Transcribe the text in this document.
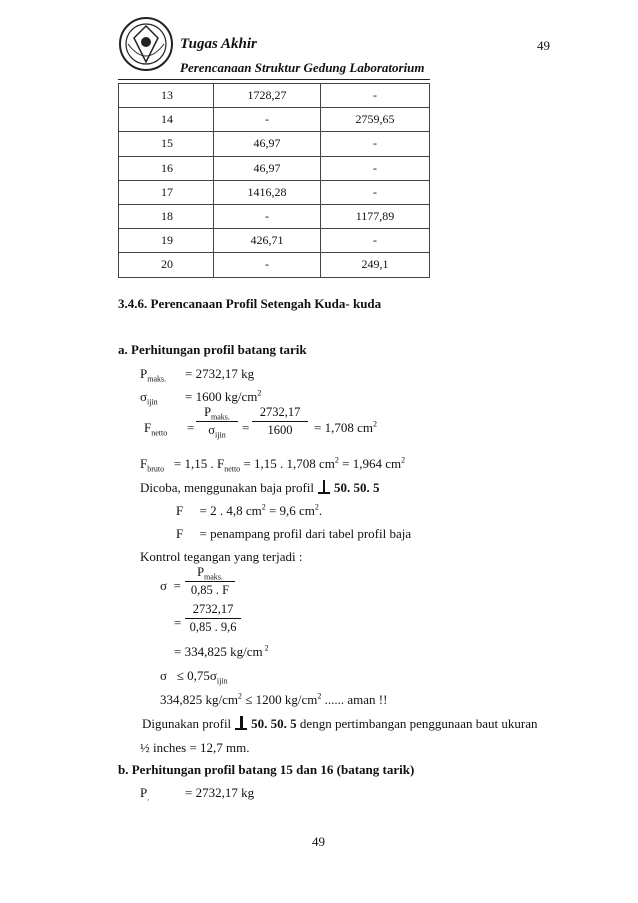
Tugas Akhir
Perencanaan Struktur Gedung Laboratorium
49
13	1728,27	-
14	-	2759,65
15	46,97	-
16	46,97	-
17	1416,28	-
18	-	1177,89
19	426,71	-
20	-	249,1
3.4.6. Perencanaan Profil Setengah Kuda- kuda
a. Perhitungan profil batang tarik
$P_{maks.} = 2732,17$ kg
$\sigma_{ijin} = 1600$ $kg/cm^2$
$F_{netto}$ =
$P_{maks.}$
$\sigma_{ijin}$	= $\frac{2732,17}{1600} = 1,708$ $cm^2$
$F_{bruto} = 1,15$ . $F_{netto} = 1,15$ . 1,708 $cm^2 = 1,964$ $cm^2$
Dicoba, menggunakan baja profil 50. 50. 5
F     = 2 . 4,8 $cm^2 = 9,6$ $cm^2$.
F     = penampang profil dari tabel profil baja
Kontrol tegangan yang terjadi :
σ  =
$P_{maks.}$
0,85 . F
= $\frac{2732,17}{0,85 . 9,6}$
= 334,825 kg/cm $^2$
$\sigma \le 0,75\sigma_{ijin}$
334,825 $kg/cm^2 \le 1200$ $kg/cm^2$ ...... aman !!
Digunakan profil 50. 50. 5 dengn pertimbangan penggunaan baut ukuran
½ inches = 12,7 mm.
b. Perhitungan profil batang 15 dan 16 (batang tarik)
$P_.$	= 2732,17 kg
49
